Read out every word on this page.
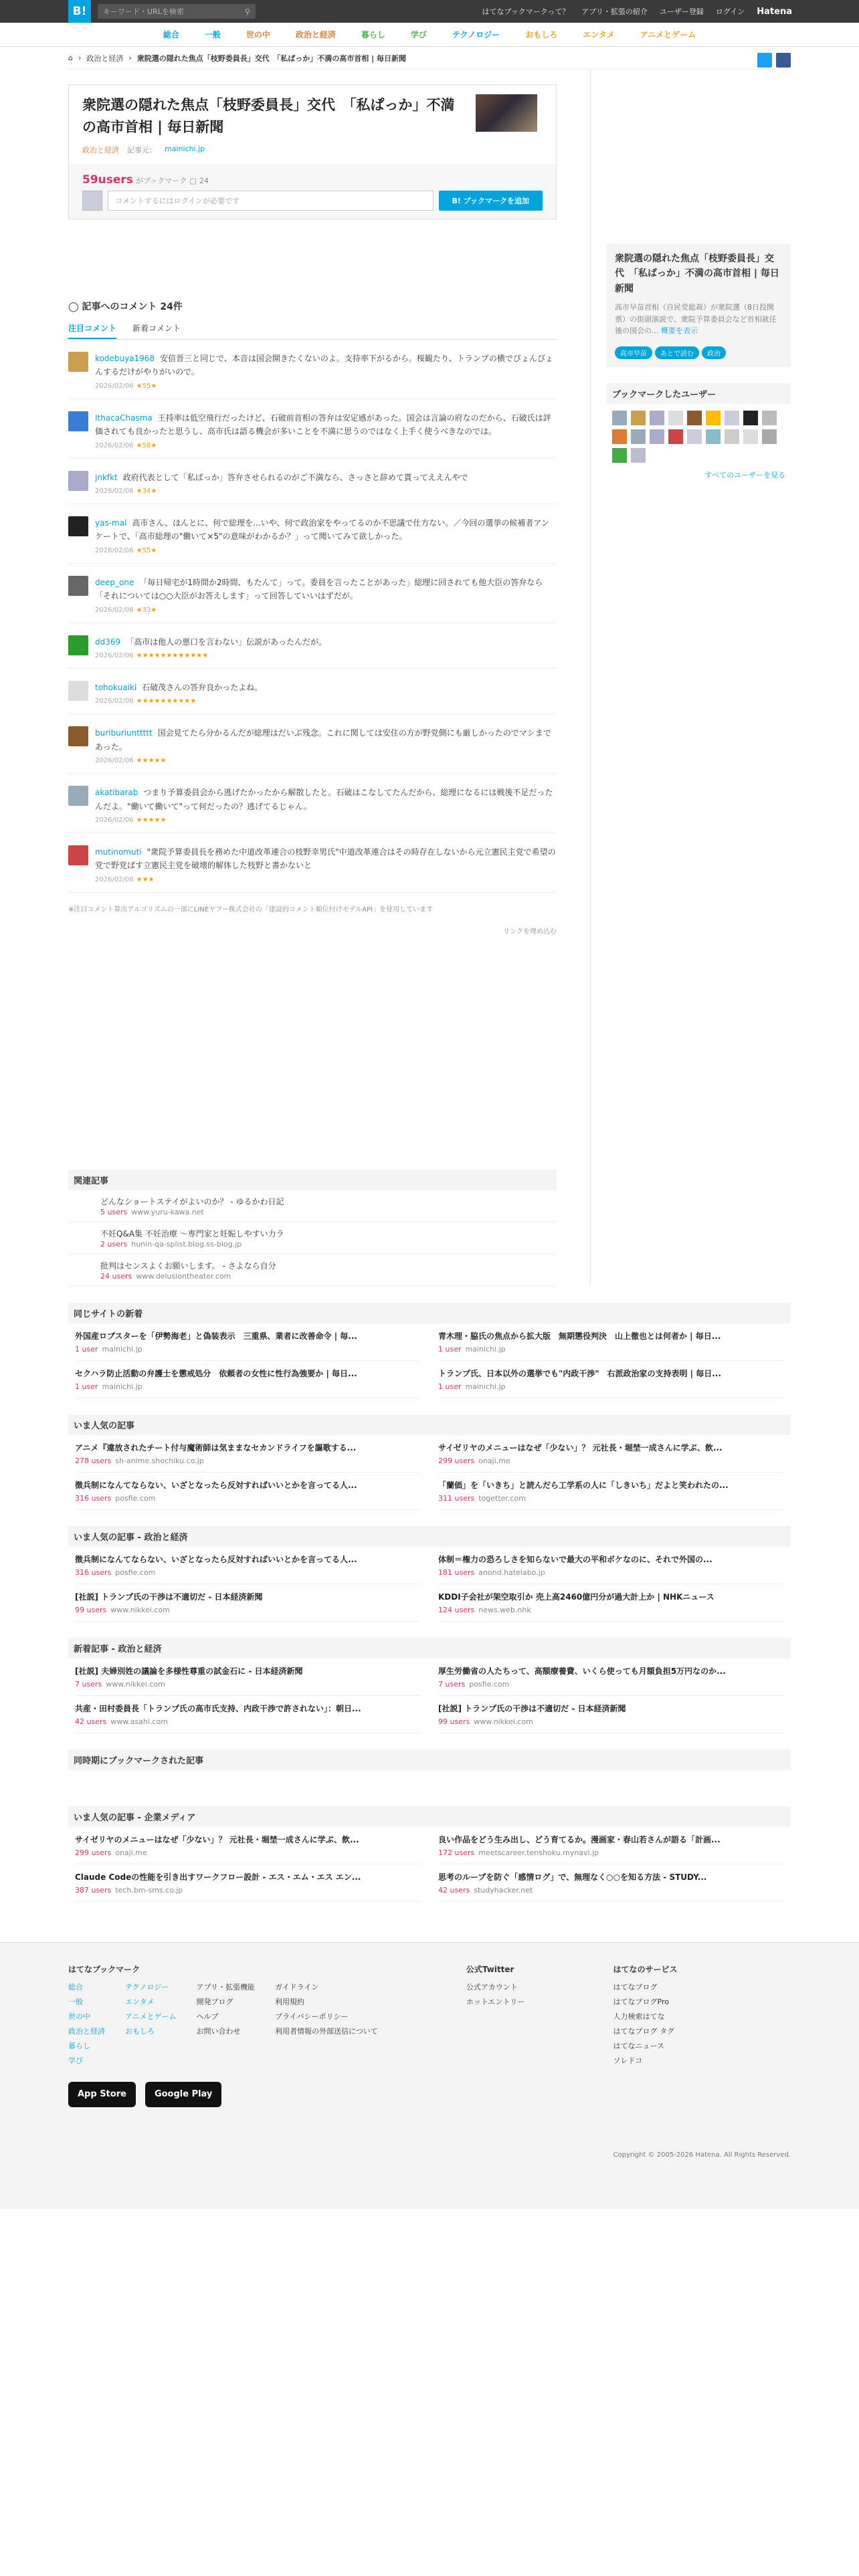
B!	キーワード・URLを検索	⚲	はてなブックマークって？ アプリ・拡張の紹介 ユーザー登録 ログイン Hatena
総合	一般	世の中	政治と経済	暮らし	学び	テクノロジー	おもしろ	エンタメ	アニメとゲーム
⌂ › 政治と経済 › 衆院選の隠れた焦点「枝野委員長」交代　「私ぱっか」不満の高市首相 | 毎日新聞
衆院選の隠れた焦点「枝野委員長」交代　「私ぱっか」不満の高市首相 | 毎日新聞
政治と経済 記事元： mainichi.jp
59users がブックマーク ▢ 24
コメントするにはログインが必要です	B! ブックマークを追加
◯ 記事へのコメント 24件
注目コメント 新着コメント
kodebuya1968 安倍晋三と同じで、本音は国会開きたくないのよ。支持率下がるから。桜観たり、トランプの横でぴょんぴょんするだけがやりがいので。
2026/02/06 ★55★
IthacaChasma 王持率は低空飛行だったけど、石破前首相の答弁は安定感があった。国会は言論の府なのだから、石破氏は評価されても良かったと思うし、高市氏は語る機会が多いことを不満に思うのではなく上手く使うべきなのでは。
2026/02/06 ★58★
jnkfkt 政府代表として「私ばっか」答弁させられるのがご不満なら、さっさと辞めて貰ってええんやで
2026/02/06 ★34★
yas-mal 高市さん、ほんとに、何で総理を...いや、何で政治家をやってるのか不思議で仕方ない。／今回の選挙の候補者アンケートで、「高市総理の"働いて×5"の意味がわかるか？」って聞いてみて欲しかった。
2026/02/06 ★55★
deep_one 「毎日帰宅が1時間か2時間、もたんて」って。委員を言ったことがあった」総理に回されても他大臣の答弁なら「それについては○○大臣がお答えします」って回答していいはずだが。
2026/02/06 ★33★
dd369 「高市は他人の悪口を言わない」伝説があったんだが。
2026/02/06 ★★★★★★★★★★★★
tohokuaiki 石破茂さんの答弁良かったよね。
2026/02/06 ★★★★★★★★★★
buriburiunttttt 国会見てたら分かるんだが総理はだいぶ残念。これに関しては安住の方が野党側にも厳しかったのでマシまであった。
2026/02/06 ★★★★★
akatibarab つまり予算委員会から逃げたかったから解散したと。石破はこなしてたんだから、総理になるには戦後不足だったんだよ。"働いて働いて"って何だったの？逃げてるじゃん。
2026/02/06 ★★★★★
mutinomuti "衆院予算委員長を務めた中道改革連合の枝野幸男氏"中道改革連合はその時存在しないから元立憲民主党で希望の党で野党ばす立憲民主党を破壊的解体した枝野と書かないと
2026/02/06 ★★★
※注目コメント算出アルゴリズムの一部にLINEヤフー株式会社の「建設的コメント順位付けモデルAPI」を使用しています
リンクを埋め込む
関連記事
どんなショートステイがよいのか？ - ゆるかわ日記
5 users www.yuru-kawa.net
不妊Q&A集 不妊治療 ～専門家と妊娠しやすい力ラ
2 users hunin-qa-splist.blog.ss-blog.jp
批判はセンスよくお願いします。 - さよなら自分
24 users www.delusiontheater.com
衆院選の隠れた焦点「枝野委員長」交代　「私ばっか」不満の高市首相 | 毎日新聞
高市早苗首相（自民党総裁）が衆院選（8日投開票）の街頭演説で、衆院予算委員会など首相就任後の国会の... 概要を表示
高市早苗 あとで読む 政治
ブックマークしたユーザー
すべてのユーザーを見る
同じサイトの新着
外国産ロブスターを「伊勢海老」と偽装表示　三重県、業者に改善命令 | 毎...
1 user mainichi.jp
青木理・脇氏の焦点から拡大版　無期懲役判決　山上徹也とは何者か | 毎日...
1 user mainichi.jp
セクハラ防止活動の弁護士を懲戒処分　依頼者の女性に性行為強要か | 毎日...
1 user mainichi.jp
トランプ氏、日本以外の選挙でも"内政干渉"　右派政治家の支持表明 | 毎日...
1 user mainichi.jp
いま人気の記事
アニメ『違放されたチート付与魔術師は気ままなセカンドライフを謳歌する...
278 users sh-anime.shochiku.co.jp
サイゼリヤのメニューはなぜ「少ない」？ 元社長・堀埜一成さんに学ぶ、飲...
299 users onaji.me
徴兵制になんてならない、いざとなったら反対すればいいとかを言ってる人...
316 users posfie.com
「蘭価」を「いきち」と読んだら工学系の人に「しきいち」だよと笑われたの...
311 users togetter.com
いま人気の記事 - 政治と経済
徴兵制になんてならない、いざとなったら反対すればいいとかを言ってる人...
316 users posfie.com
体制＝権力の恐ろしさを知らないで最大の平和ボケなのに、それで外国の...
181 users anond.hatelabo.jp
[社説] トランプ氏の干渉は不適切だ - 日本経済新聞
99 users www.nikkei.com
KDDI子会社が架空取引か 売上高2460億円分が過大計上か | NHKニュース
124 users news.web.nhk
新着記事 - 政治と経済
[社説] 夫婦別姓の議論を多様性尊重の試金石に - 日本経済新聞
7 users www.nikkei.com
厚生労働省の人たちって、高額療養費、いくら使っても月額負担5万円なのか...
7 users posfie.com
共産・田村委員長「トランプ氏の高市氏支持、内政干渉で許されない」：朝日...
42 users www.asahi.com
[社説] トランプ氏の干渉は不適切だ - 日本経済新聞
99 users www.nikkei.com
同時期にブックマークされた記事
いま人気の記事 - 企業メディア
サイゼリヤのメニューはなぜ「少ない」？ 元社長・堀埜一成さんに学ぶ、飲...
299 users onaji.me
良い作品をどう生み出し、どう育てるか。漫画家・春山若さんが語る「計画...
172 users meetscareer.tenshoku.mynavi.jp
Claude Codeの性能を引き出すワークフロー設計 - エス・エム・エス エン...
387 users tech.bm-sms.co.jp
思考のループを防ぐ「感情ログ」で、無理なく○○を知る方法 - STUDY...
42 users studyhacker.net
はてなブックマーク
総合
一般
世の中
政治と経済
暮らし
学び
テクノロジー
エンタメ
アニメとゲーム
おもしろ
アプリ・拡張機能
開発ブログ
ヘルプ
お問い合わせ
ガイドライン
利用規約
プライバシーポリシー
利用者情報の外部送信について
App Store	Google Play
公式Twitter
公式アカウント
ホットエントリー
はてなのサービス
はてなブログ
はてなブログPro
人力検索はてな
はてなブログ タグ
はてなニュース
ソレドコ
Copyright © 2005-2026 Hatena. All Rights Reserved.
